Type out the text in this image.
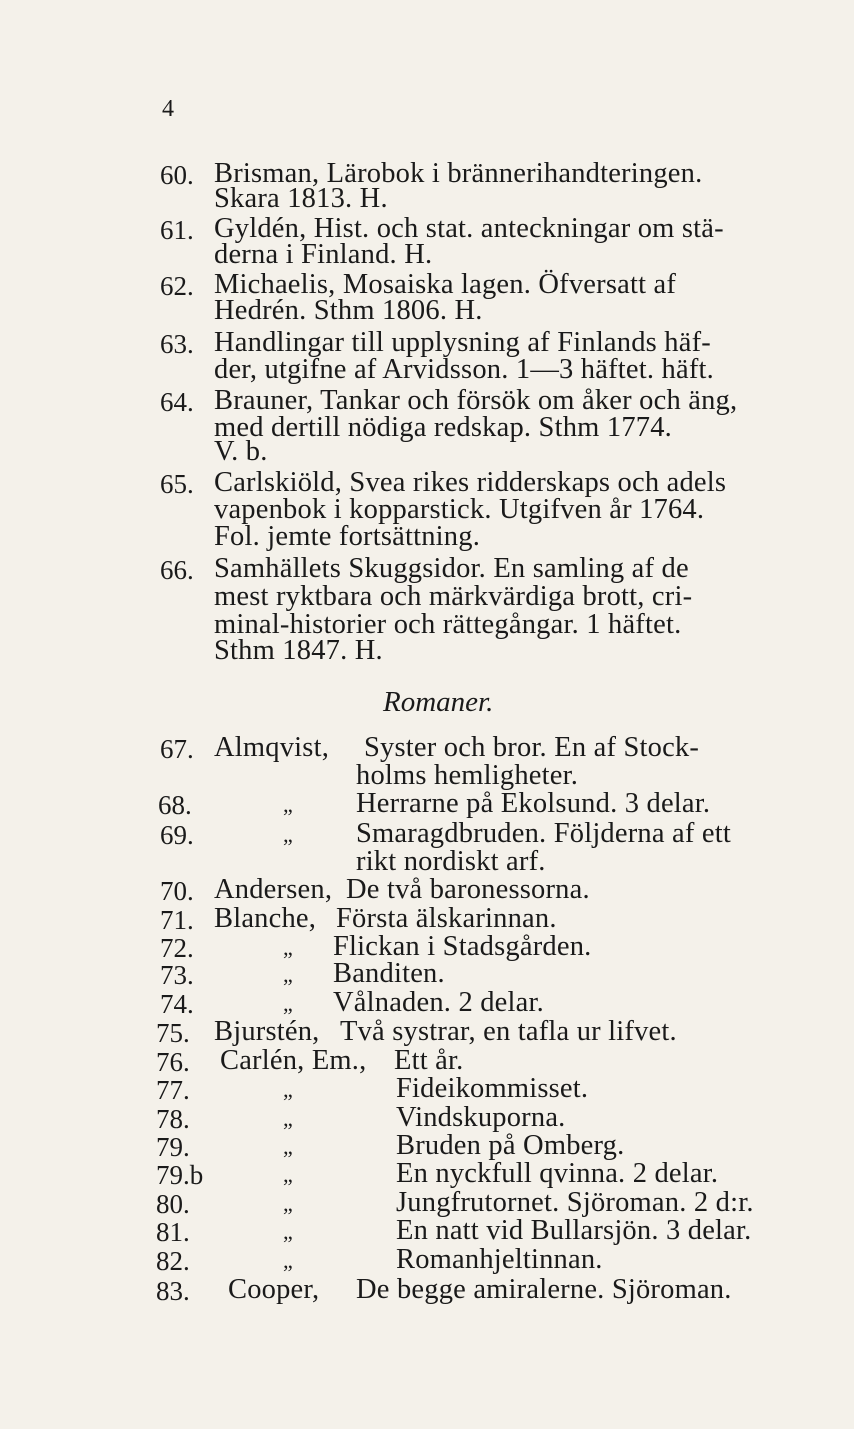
4
60. Brisman, Lärobok i brännerihandteringen.
Skara 1813. H.
61. Gyldén, Hist. och stat. anteckningar om stä-
derna i Finland. H.
62. Michaelis, Mosaiska lagen. Öfversatt af
Hedrén. Sthm 1806. H.
63. Handlingar till upplysning af Finlands häf-
der, utgifne af Arvidsson. 1—3 häftet. häft.
64. Brauner, Tankar och försök om åker och äng,
med dertill nödiga redskap. Sthm 1774.
V. b.
65. Carlskiöld, Svea rikes ridderskaps och adels
vapenbok i kopparstick. Utgifven år 1764.
Fol. jemte fortsättning.
66. Samhällets Skuggsidor. En samling af de
mest ryktbara och märkvärdiga brott, cri-
minal-historier och rättegångar. 1 häftet.
Sthm 1847. H.
Romaner.
67. Almqvist, Syster och bror. En af Stock-
holms hemligheter.
68.	„ Herrarne på Ekolsund. 3 delar.
69.	„ Smaragdbruden. Följderna af ett
rikt nordiskt arf.
70. Andersen, De två baronessorna.
71. Blanche, Första älskarinnan.
72.	„ Flickan i Stadsgården.
73.	„ Banditen.
74.	„ Vålnaden. 2 delar.
75. Bjurstén, Två systrar, en tafla ur lifvet.
76. Carlén, Em., Ett år.
77.	„	Fideikommisset.
78.	„	Vindskuporna.
79.	„	Bruden på Omberg.
79.b	„	En nyckfull qvinna. 2 delar.
80.	„	Jungfrutornet. Sjöroman. 2 d:r.
81.	„	En natt vid Bullarsjön. 3 delar.
82.	„	Romanhjeltinnan.
83. Cooper, De begge amiralerne. Sjöroman.
